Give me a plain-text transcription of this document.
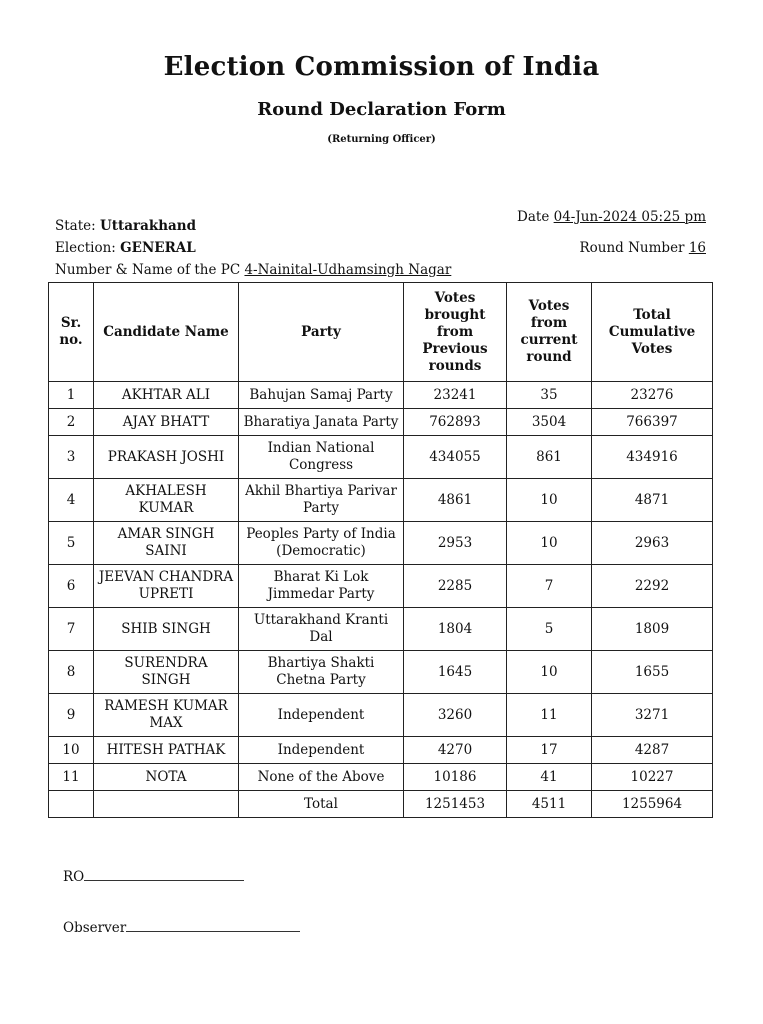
Election Commission of India
Round Declaration Form
(Returning Officer)
State: Uttarakhand
Election: GENERAL
Number & Name of the PC 4-Nainital-Udhamsingh Nagar
Date 04-Jun-2024 05:25 pm
Round Number 16
Sr. no.	Candidate Name	Party	Votes brought from Previous rounds	Votes from current round	Total Cumulative Votes
1	AKHTAR ALI	Bahujan Samaj Party	23241	35	23276
2	AJAY BHATT	Bharatiya Janata Party	762893	3504	766397
3	PRAKASH JOSHI	Indian National Congress	434055	861	434916
4	AKHALESH KUMAR	Akhil Bhartiya Parivar Party	4861	10	4871
5	AMAR SINGH SAINI	Peoples Party of India (Democratic)	2953	10	2963
6	JEEVAN CHANDRA UPRETI	Bharat Ki Lok Jimmedar Party	2285	7	2292
7	SHIB SINGH	Uttarakhand Kranti Dal	1804	5	1809
8	SURENDRA SINGH	Bhartiya Shakti Chetna Party	1645	10	1655
9	RAMESH KUMAR MAX	Independent	3260	11	3271
10	HITESH PATHAK	Independent	4270	17	4287
11	NOTA	None of the Above	10186	41	10227
		Total	1251453	4511	1255964
RO
Observer
